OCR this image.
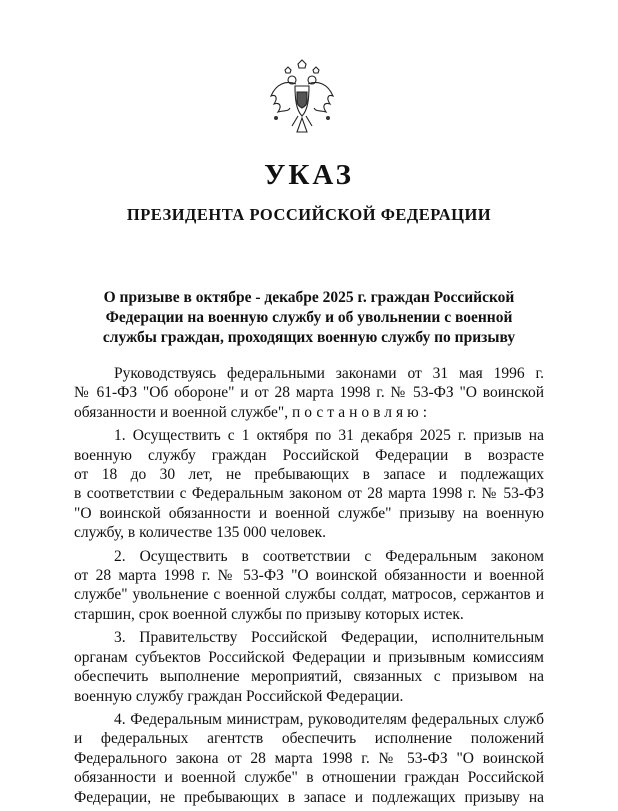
УКАЗ
ПРЕЗИДЕНТА РОССИЙСКОЙ ФЕДЕРАЦИИ
О призыве в октябре - декабре 2025 г. граждан Российской
Федерации на военную службу и об увольнении с военной
службы граждан, проходящих военную службу по призыву
Руководствуясь федеральными законами от 31 мая 1996 г.
№ 61-ФЗ "Об обороне" и от 28 марта 1998 г. № 53-ФЗ "О воинской
обязанности и военной службе", постановляю:
1. Осуществить с 1 октября по 31 декабря 2025 г. призыв на
военную службу граждан Российской Федерации в возрасте
от 18 до 30 лет, не пребывающих в запасе и подлежащих
в соответствии с Федеральным законом от 28 марта 1998 г. № 53-ФЗ
"О воинской обязанности и военной службе" призыву на военную
службу, в количестве 135 000 человек.
2. Осуществить в соответствии с Федеральным законом
от 28 марта 1998 г. № 53-ФЗ "О воинской обязанности и военной
службе" увольнение с военной службы солдат, матросов, сержантов и
старшин, срок военной службы по призыву которых истек.
3. Правительству Российской Федерации, исполнительным
органам субъектов Российской Федерации и призывным комиссиям
обеспечить выполнение мероприятий, связанных с призывом на
военную службу граждан Российской Федерации.
4. Федеральным министрам, руководителям федеральных служб
и федеральных агентств обеспечить исполнение положений
Федерального закона от 28 марта 1998 г. № 53-ФЗ "О воинской
обязанности и военной службе" в отношении граждан Российской
Федерации, не пребывающих в запасе и подлежащих призыву на
